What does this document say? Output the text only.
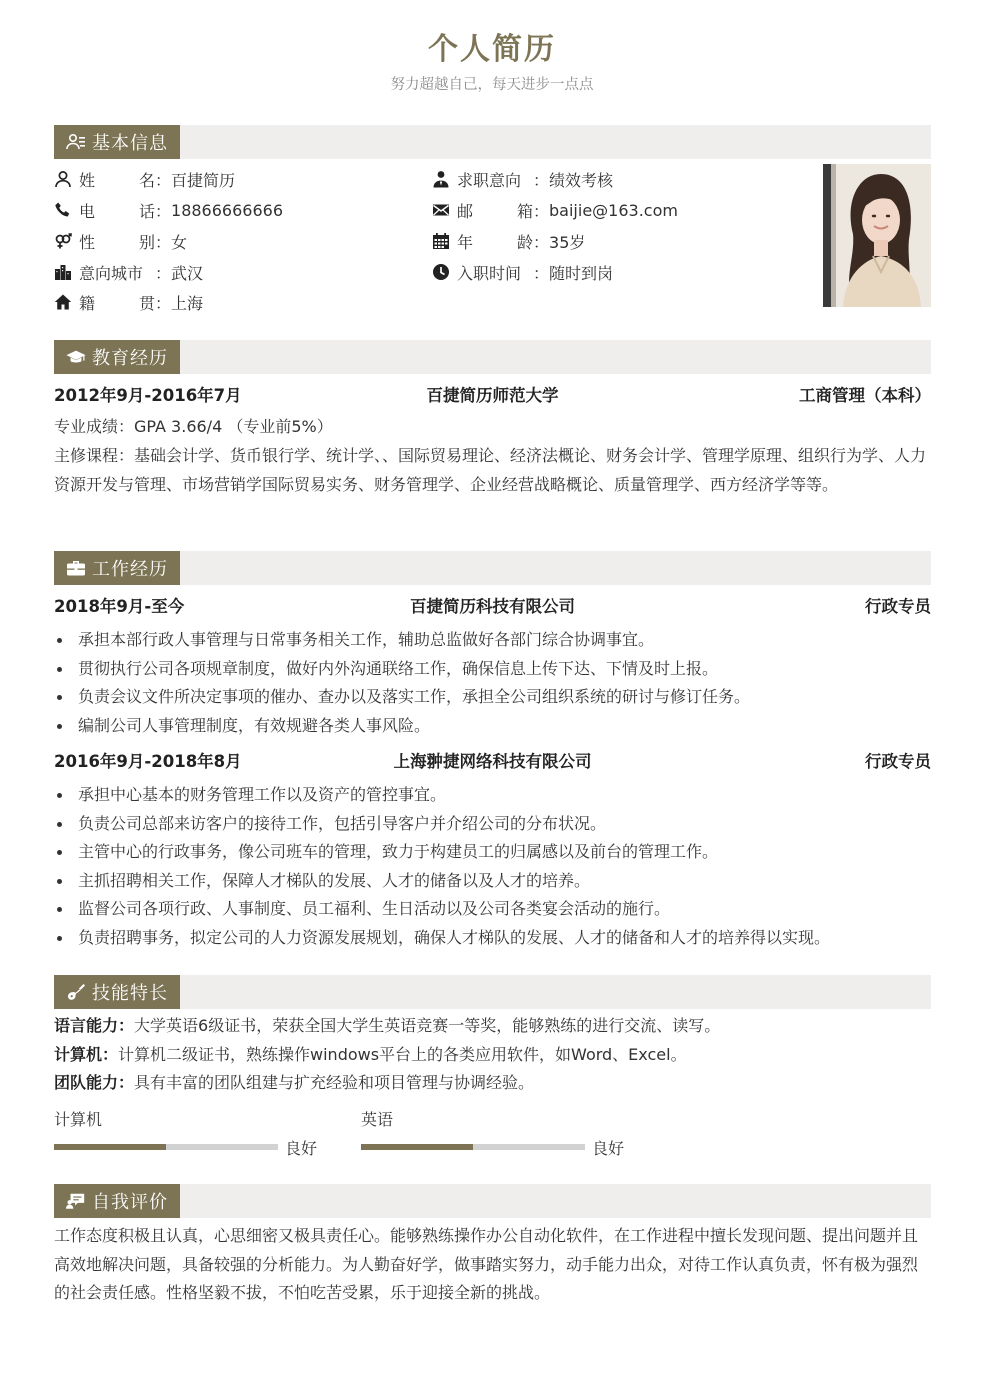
个人简历
努力超越自己，每天进步一点点
基本信息
姓	名 ： 百捷简历
电	话 ： 18866666666
性	别 ： 女
意向城市 ： 武汉
籍	贯 ： 上海
求职意向 ： 绩效考核
邮	箱 ： baijie@163.com
年	龄 ： 35岁
入职时间 ： 随时到岗
教育经历
2012年9月-2016年7月	百捷简历师范大学	工商管理（本科）
专业成绩：GPA 3.66/4 （专业前5%）
主修课程：基础会计学、货币银行学、统计学、、国际贸易理论、经济法概论、财务会计学、管理学原理、组织行为学、人力资源开发与管理、市场营销学国际贸易实务、财务管理学、企业经营战略概论、质量管理学、西方经济学等等。
工作经历
2018年9月-至今	百捷简历科技有限公司	行政专员
承担本部行政人事管理与日常事务相关工作，辅助总监做好各部门综合协调事宜。
贯彻执行公司各项规章制度，做好内外沟通联络工作，确保信息上传下达、下情及时上报。
负责会议文件所决定事项的催办、查办以及落实工作，承担全公司组织系统的研讨与修订任务。
编制公司人事管理制度，有效规避各类人事风险。
2016年9月-2018年8月	上海翀捷网络科技有限公司	行政专员
承担中心基本的财务管理工作以及资产的管控事宜。
负责公司总部来访客户的接待工作，包括引导客户并介绍公司的分布状况。
主管中心的行政事务，像公司班车的管理，致力于构建员工的归属感以及前台的管理工作。
主抓招聘相关工作，保障人才梯队的发展、人才的储备以及人才的培养。
监督公司各项行政、人事制度、员工福利、生日活动以及公司各类宴会活动的施行。
负责招聘事务，拟定公司的人力资源发展规划，确保人才梯队的发展、人才的储备和人才的培养得以实现。
技能特长
语言能力：大学英语6级证书，荣获全国大学生英语竞赛一等奖，能够熟练的进行交流、读写。
计算机：计算机二级证书，熟练操作windows平台上的各类应用软件，如Word、Excel。
团队能力：具有丰富的团队组建与扩充经验和项目管理与协调经验。
计算机
良好
英语
良好
自我评价
工作态度积极且认真，心思细密又极具责任心。能够熟练操作办公自动化软件，在工作进程中擅长发现问题、提出问题并且高效地解决问题，具备较强的分析能力。为人勤奋好学，做事踏实努力，动手能力出众，对待工作认真负责，怀有极为强烈的社会责任感。性格坚毅不拔，不怕吃苦受累，乐于迎接全新的挑战。
